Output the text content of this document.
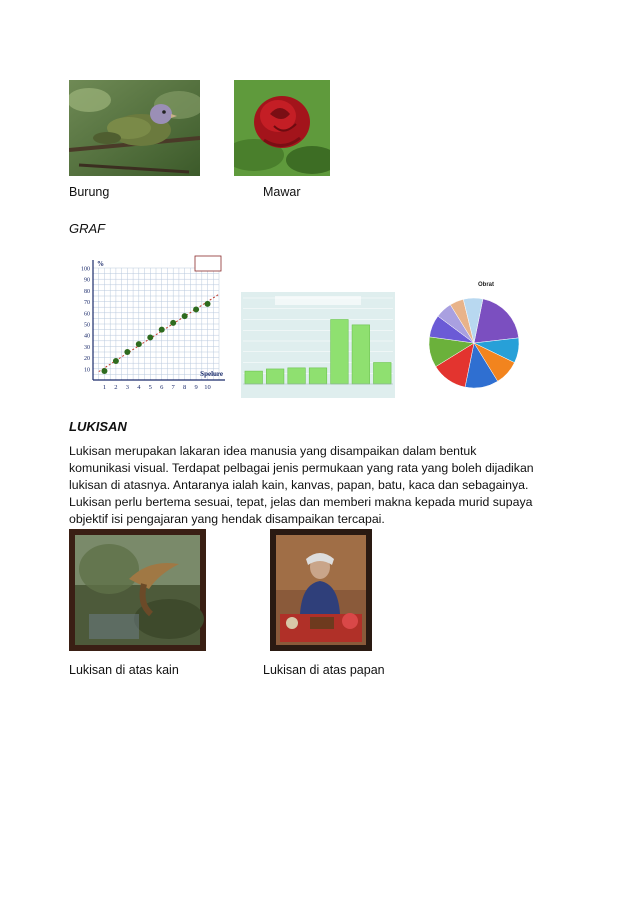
Burung	Mawar
GRAF
10
20
30
40
50
60
70
80
90
100
1 2 3 4 5 6 7 8 9 10
%
Spelure
Obrat
LUKISAN
Lukisan merupakan lakaran idea manusia yang disampaikan dalam bentuk
komunikasi visual. Terdapat pelbagai jenis permukaan yang rata yang boleh dijadikan
lukisan di atasnya. Antaranya ialah kain, kanvas, papan, batu, kaca dan sebagainya.
Lukisan perlu bertema sesuai, tepat, jelas dan memberi makna kepada murid supaya
objektif isi pengajaran yang hendak disampaikan tercapai.
Lukisan di atas kain	Lukisan di atas papan
